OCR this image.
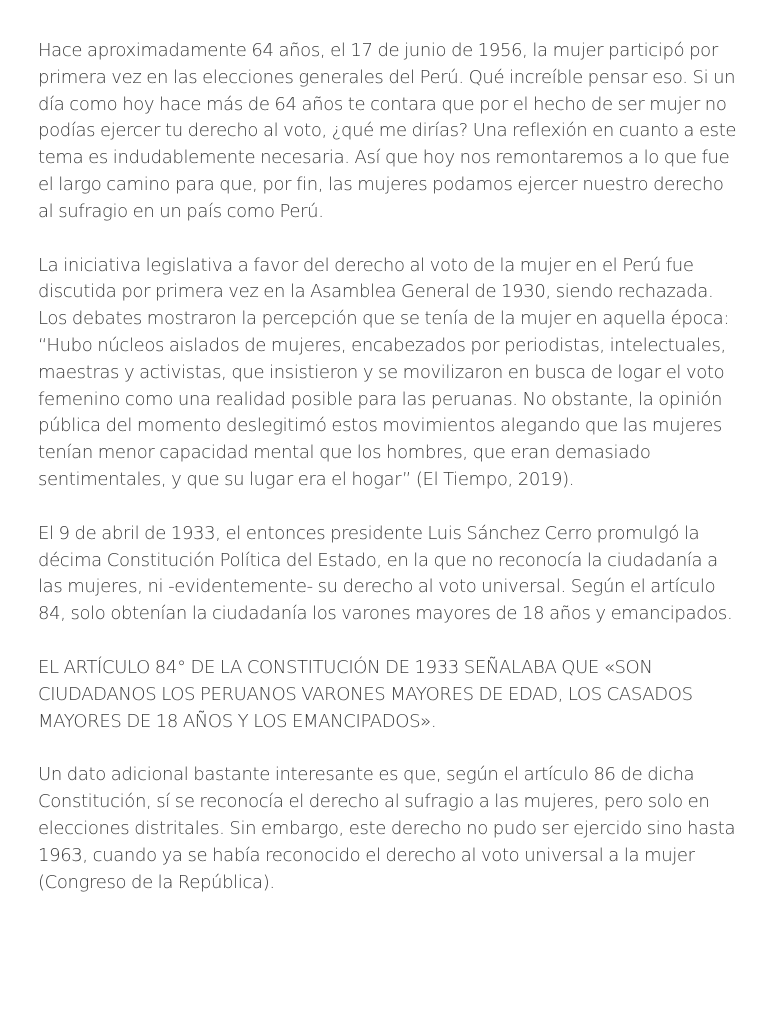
Hace aproximadamente 64 años, el 17 de junio de 1956, la mujer participó por primera vez en las elecciones generales del Perú. Qué increíble pensar eso. Si un día como hoy hace más de 64 años te contara que por el hecho de ser mujer no podías ejercer tu derecho al voto, ¿qué me dirías? Una reflexión en cuanto a este tema es indudablemente necesaria. Así que hoy nos remontaremos a lo que fue el largo camino para que, por fin, las mujeres podamos ejercer nuestro derecho al sufragio en un país como Perú.

La iniciativa legislativa a favor del derecho al voto de la mujer en el Perú fue discutida por primera vez en la Asamblea General de 1930, siendo rechazada. Los debates mostraron la percepción que se tenía de la mujer en aquella época: “Hubo núcleos aislados de mujeres, encabezados por periodistas, intelectuales, maestras y activistas, que insistieron y se movilizaron en busca de logar el voto femenino como una realidad posible para las peruanas. No obstante, la opinión pública del momento deslegitimó estos movimientos alegando que las mujeres tenían menor capacidad mental que los hombres, que eran demasiado sentimentales, y que su lugar era el hogar” (El Tiempo, 2019).

El 9 de abril de 1933, el entonces presidente Luis Sánchez Cerro promulgó la décima Constitución Política del Estado, en la que no reconocía la ciudadanía a las mujeres, ni -evidentemente- su derecho al voto universal. Según el artículo 84, solo obtenían la ciudadanía los varones mayores de 18 años y emancipados.

EL ARTÍCULO 84° DE LA CONSTITUCIÓN DE 1933 SEÑALABA QUE «SON CIUDADANOS LOS PERUANOS VARONES MAYORES DE EDAD, LOS CASADOS MAYORES DE 18 AÑOS Y LOS EMANCIPADOS».

Un dato adicional bastante interesante es que, según el artículo 86 de dicha Constitución, sí se reconocía el derecho al sufragio a las mujeres, pero solo en elecciones distritales. Sin embargo, este derecho no pudo ser ejercido sino hasta 1963, cuando ya se había reconocido el derecho al voto universal a la mujer (Congreso de la República).
